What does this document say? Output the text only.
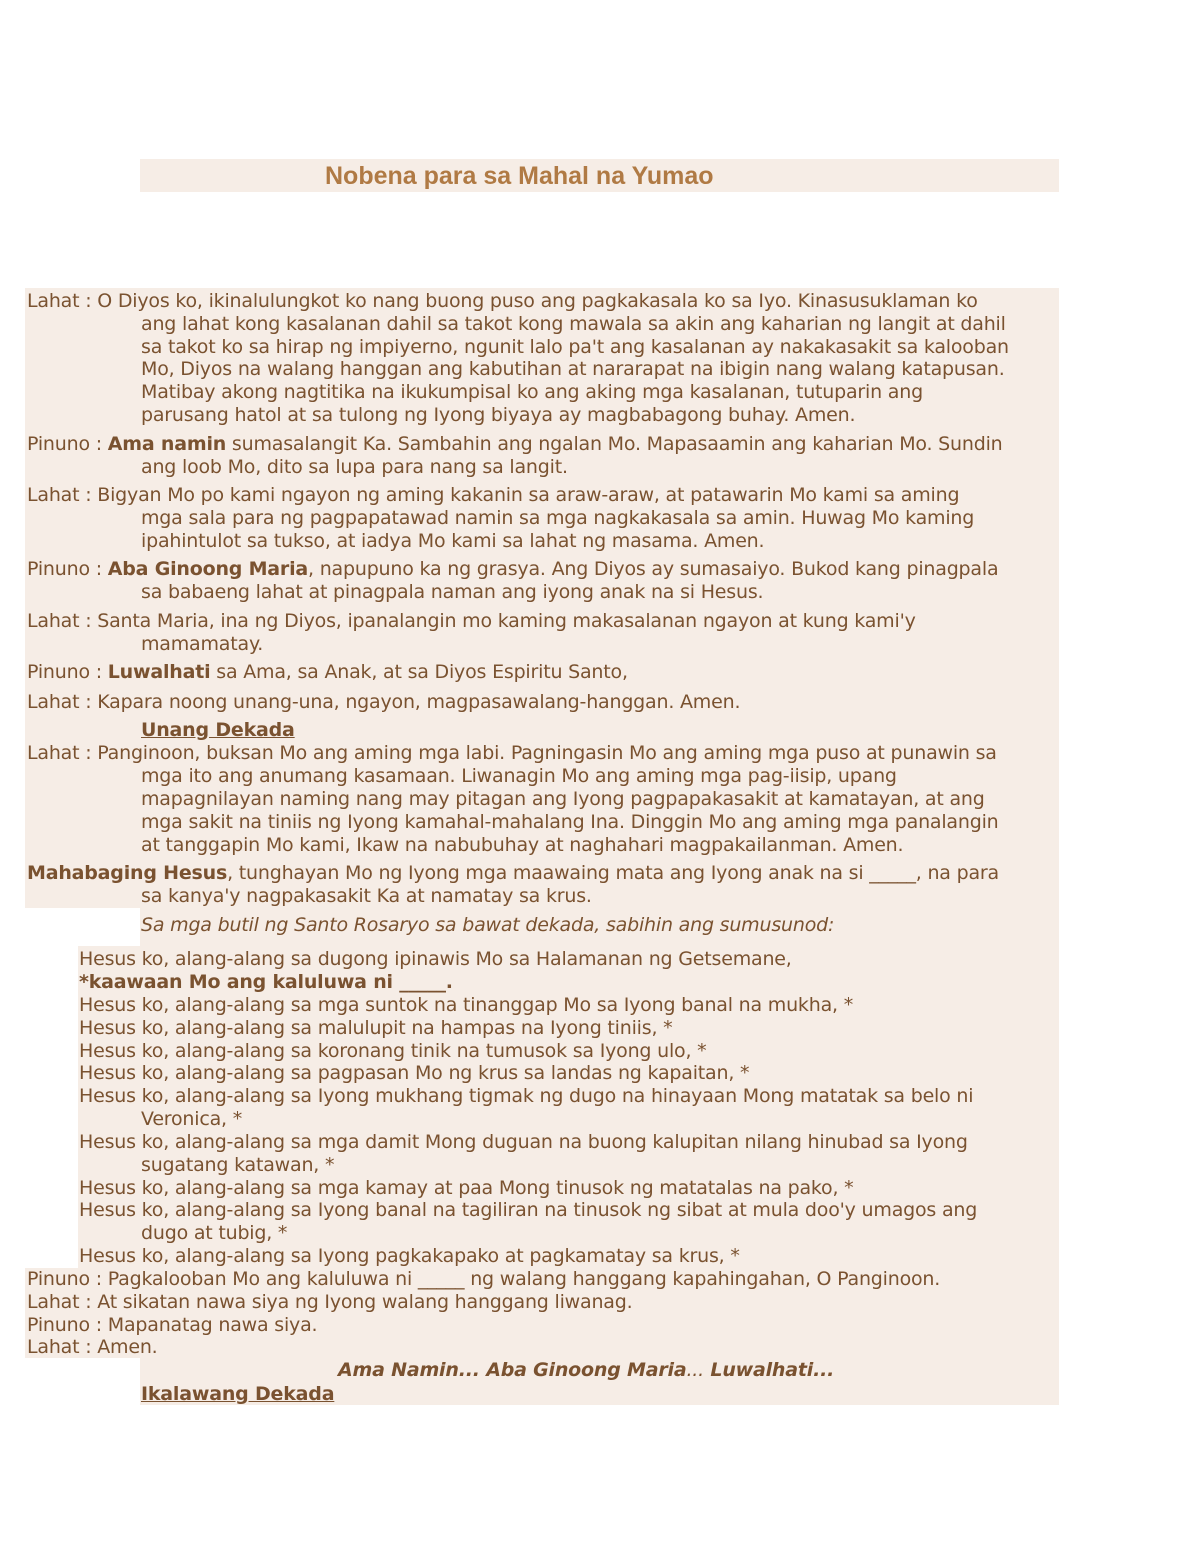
Nobena para sa Mahal na Yumao
Lahat : O Diyos ko, ikinalulungkot ko nang buong puso ang pagkakasala ko sa Iyo. Kinasusuklaman ko
ang lahat kong kasalanan dahil sa takot kong mawala sa akin ang kaharian ng langit at dahil
sa takot ko sa hirap ng impiyerno, ngunit lalo pa't ang kasalanan ay nakakasakit sa kalooban
Mo, Diyos na walang hanggan ang kabutihan at nararapat na ibigin nang walang katapusan.
Matibay akong nagtitika na ikukumpisal ko ang aking mga kasalanan, tutuparin ang
parusang hatol at sa tulong ng Iyong biyaya ay magbabagong buhay. Amen.
Pinuno : Ama namin sumasalangit Ka. Sambahin ang ngalan Mo. Mapasaamin ang kaharian Mo. Sundin
ang loob Mo, dito sa lupa para nang sa langit.
Lahat : Bigyan Mo po kami ngayon ng aming kakanin sa araw-araw, at patawarin Mo kami sa aming
mga sala para ng pagpapatawad namin sa mga nagkakasala sa amin. Huwag Mo kaming
ipahintulot sa tukso, at iadya Mo kami sa lahat ng masama. Amen.
Pinuno : Aba Ginoong Maria, napupuno ka ng grasya. Ang Diyos ay sumasaiyo. Bukod kang pinagpala
sa babaeng lahat at pinagpala naman ang iyong anak na si Hesus.
Lahat : Santa Maria, ina ng Diyos, ipanalangin mo kaming makasalanan ngayon at kung kami'y
mamamatay.
Pinuno : Luwalhati sa Ama, sa Anak, at sa Diyos Espiritu Santo,
Lahat : Kapara noong unang-una, ngayon, magpasawalang-hanggan. Amen.
Unang Dekada
Lahat : Panginoon, buksan Mo ang aming mga labi. Pagningasin Mo ang aming mga puso at punawin sa
mga ito ang anumang kasamaan. Liwanagin Mo ang aming mga pag-iisip, upang
mapagnilayan naming nang may pitagan ang Iyong pagpapakasakit at kamatayan, at ang
mga sakit na tiniis ng Iyong kamahal-mahalang Ina. Dinggin Mo ang aming mga panalangin
at tanggapin Mo kami, Ikaw na nabubuhay at naghahari magpakailanman. Amen.
Mahabaging Hesus, tunghayan Mo ng Iyong mga maawaing mata ang Iyong anak na si _____, na para
sa kanya'y nagpakasakit Ka at namatay sa krus.
Sa mga butil ng Santo Rosaryo sa bawat dekada, sabihin ang sumusunod:
Hesus ko, alang-alang sa dugong ipinawis Mo sa Halamanan ng Getsemane,
*kaawaan Mo ang kaluluwa ni _____.
Hesus ko, alang-alang sa mga suntok na tinanggap Mo sa Iyong banal na mukha, *
Hesus ko, alang-alang sa malulupit na hampas na Iyong tiniis, *
Hesus ko, alang-alang sa koronang tinik na tumusok sa Iyong ulo, *
Hesus ko, alang-alang sa pagpasan Mo ng krus sa landas ng kapaitan, *
Hesus ko, alang-alang sa Iyong mukhang tigmak ng dugo na hinayaan Mong matatak sa belo ni
Veronica, *
Hesus ko, alang-alang sa mga damit Mong duguan na buong kalupitan nilang hinubad sa Iyong
sugatang katawan, *
Hesus ko, alang-alang sa mga kamay at paa Mong tinusok ng matatalas na pako, *
Hesus ko, alang-alang sa Iyong banal na tagiliran na tinusok ng sibat at mula doo'y umagos ang
dugo at tubig, *
Hesus ko, alang-alang sa Iyong pagkakapako at pagkamatay sa krus, *
Pinuno : Pagkalooban Mo ang kaluluwa ni _____ ng walang hanggang kapahingahan, O Panginoon.
Lahat : At sikatan nawa siya ng Iyong walang hanggang liwanag.
Pinuno : Mapanatag nawa siya.
Lahat : Amen.
Ama Namin... Aba Ginoong Maria... Luwalhati...
Ikalawang Dekada
